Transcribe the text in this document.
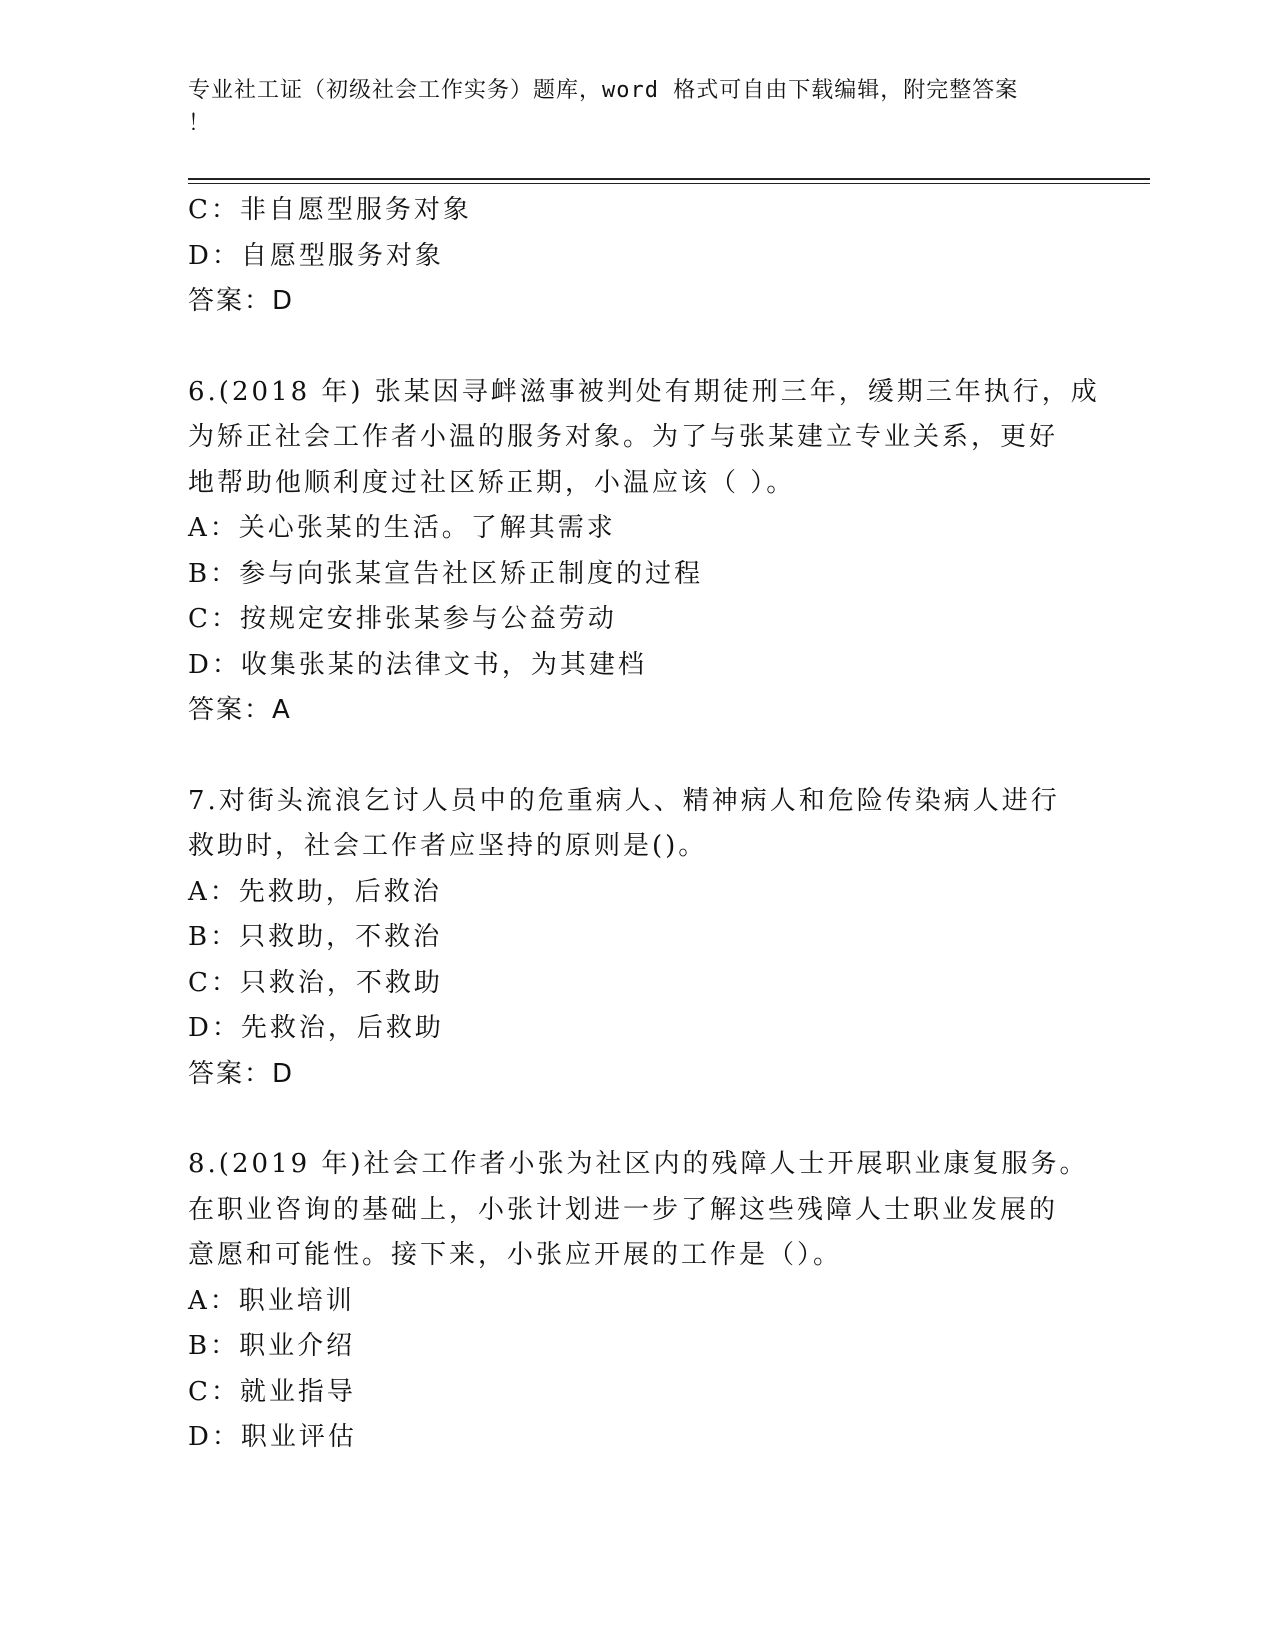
专业社工证（初级社会工作实务）题库，word 格式可自由下载编辑，附完整答案
！
C：非自愿型服务对象
D：自愿型服务对象
答案：D
6.(2018 年) 张某因寻衅滋事被判处有期徒刑三年，缓期三年执行，成
为矫正社会工作者小温的服务对象。为了与张某建立专业关系，更好
地帮助他顺利度过社区矫正期，小温应该（ ）。
A：关心张某的生活。了解其需求
B：参与向张某宣告社区矫正制度的过程
C：按规定安排张某参与公益劳动
D：收集张某的法律文书，为其建档
答案：A
7.对街头流浪乞讨人员中的危重病人、精神病人和危险传染病人进行
救助时，社会工作者应坚持的原则是()。
A：先救助，后救治
B：只救助，不救治
C：只救治，不救助
D：先救治，后救助
答案：D
8.(2019 年)社会工作者小张为社区内的残障人士开展职业康复服务。
在职业咨询的基础上，小张计划进一步了解这些残障人士职业发展的
意愿和可能性。接下来，小张应开展的工作是（）。
A：职业培训
B：职业介绍
C：就业指导
D：职业评估
